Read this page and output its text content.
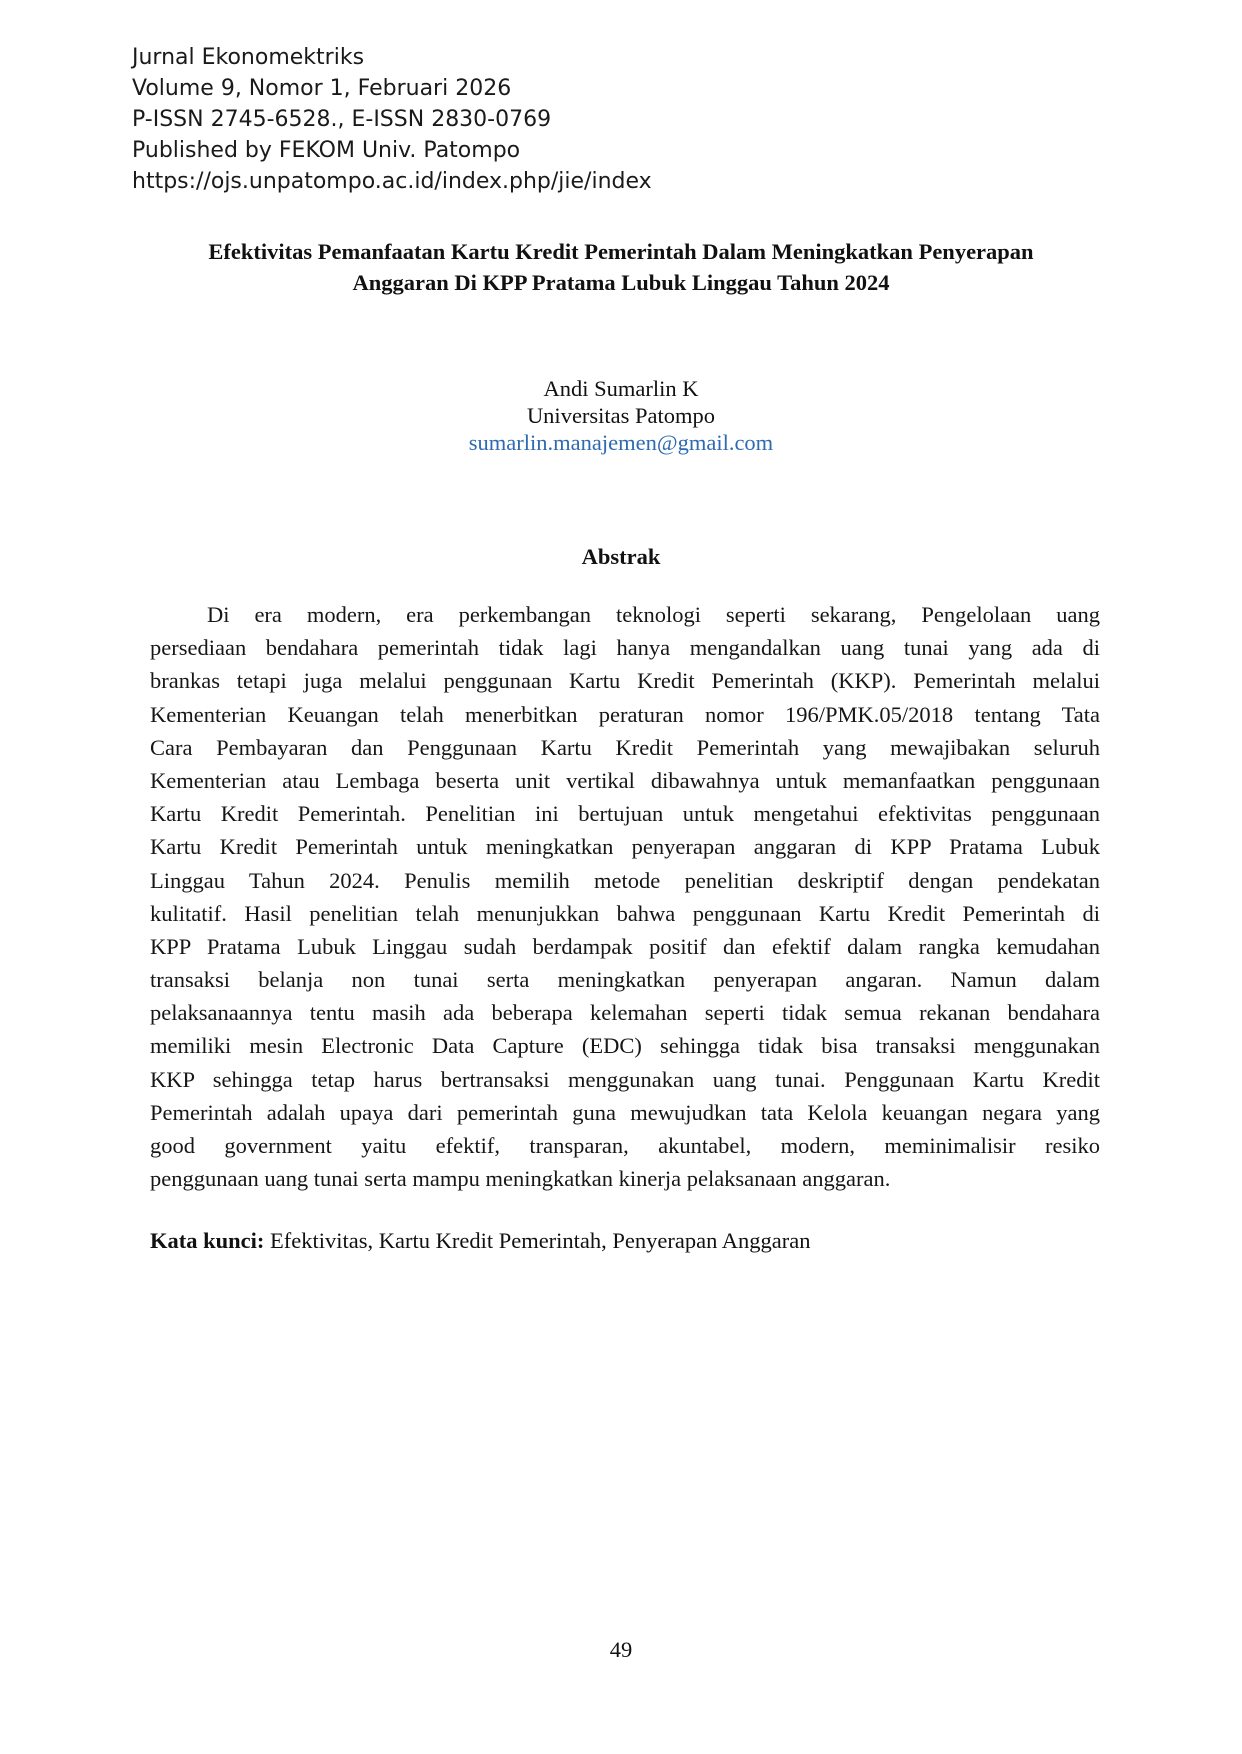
Jurnal Ekonomektriks
Volume 9, Nomor 1, Februari 2026
P-ISSN 2745-6528., E-ISSN 2830-0769
Published by FEKOM Univ. Patompo
https://ojs.unpatompo.ac.id/index.php/jie/index
Efektivitas Pemanfaatan Kartu Kredit Pemerintah Dalam Meningkatkan Penyerapan
Anggaran Di KPP Pratama Lubuk Linggau Tahun 2024
Andi Sumarlin K
Universitas Patompo
sumarlin.manajemen@gmail.com
Abstrak
Di era modern, era perkembangan teknologi seperti sekarang, Pengelolaan uang
persediaan bendahara pemerintah tidak lagi hanya mengandalkan uang tunai yang ada di
brankas tetapi juga melalui penggunaan Kartu Kredit Pemerintah (KKP). Pemerintah melalui
Kementerian Keuangan telah menerbitkan peraturan nomor 196/PMK.05/2018 tentang Tata
Cara Pembayaran dan Penggunaan Kartu Kredit Pemerintah yang mewajibakan seluruh
Kementerian atau Lembaga beserta unit vertikal dibawahnya untuk memanfaatkan penggunaan
Kartu Kredit Pemerintah. Penelitian ini bertujuan untuk mengetahui efektivitas penggunaan
Kartu Kredit Pemerintah untuk meningkatkan penyerapan anggaran di KPP Pratama Lubuk
Linggau Tahun 2024. Penulis memilih metode penelitian deskriptif dengan pendekatan
kulitatif. Hasil penelitian telah menunjukkan bahwa penggunaan Kartu Kredit Pemerintah di
KPP Pratama Lubuk Linggau sudah berdampak positif dan efektif dalam rangka kemudahan
transaksi belanja non tunai serta meningkatkan penyerapan angaran. Namun dalam
pelaksanaannya tentu masih ada beberapa kelemahan seperti tidak semua rekanan bendahara
memiliki mesin Electronic Data Capture (EDC) sehingga tidak bisa transaksi menggunakan
KKP sehingga tetap harus bertransaksi menggunakan uang tunai. Penggunaan Kartu Kredit
Pemerintah adalah upaya dari pemerintah guna mewujudkan tata Kelola keuangan negara yang
good government yaitu efektif, transparan, akuntabel, modern, meminimalisir resiko
penggunaan uang tunai serta mampu meningkatkan kinerja pelaksanaan anggaran.
Kata kunci: Efektivitas, Kartu Kredit Pemerintah, Penyerapan Anggaran
49
